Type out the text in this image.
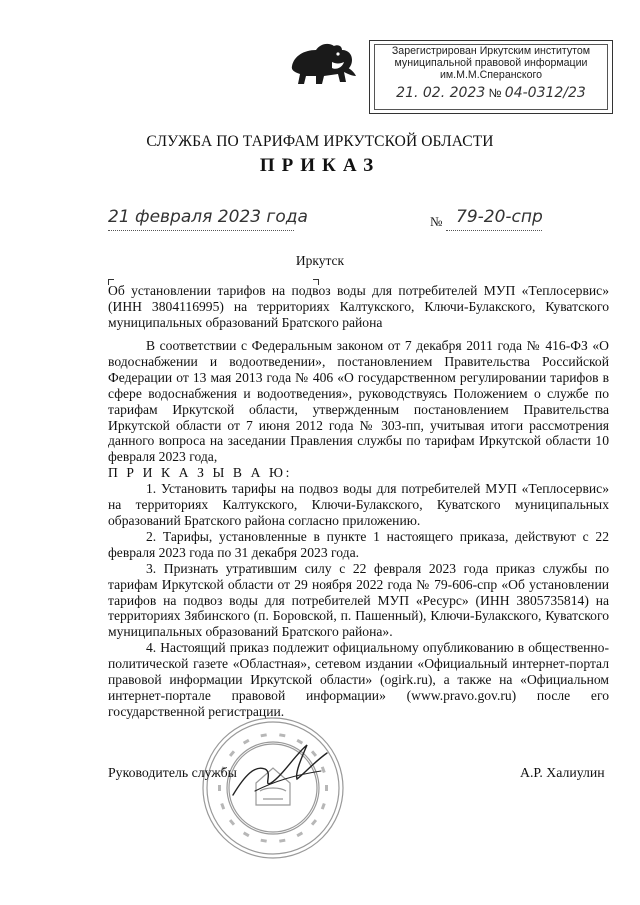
Зарегистрирован Иркутским институтом
муниципальной правовой информации
им.М.М.Сперанского
21. 02. 2023 № 04-0312/23
СЛУЖБА ПО ТАРИФАМ ИРКУТСКОЙ ОБЛАСТИ
ПРИКАЗ
21 февраля 2023 года	№ 79-20-спр
Иркутск
Об установлении тарифов на подвоз воды для потребителей МУП «Теплосервис» (ИНН 3804116995) на территориях Калтукского, Ключи-Булакского, Куватского муниципальных образований Братского района

В соответствии с Федеральным законом от 7 декабря 2011 года № 416-ФЗ «О водоснабжении и водоотведении», постановлением Правительства Российской Федерации от 13 мая 2013 года № 406 «О государственном регулировании тарифов в сфере водоснабжения и водоотведения», руководствуясь Положением о службе по тарифам Иркутской области, утвержденным постановлением Правительства Иркутской области от 7 июня 2012 года № 303-пп, учитывая итоги рассмотрения данного вопроса на заседании Правления службы по тарифам Иркутской области 10 февраля 2023 года,

П Р И К А З Ы В А Ю:

1. Установить тарифы на подвоз воды для потребителей МУП «Теплосервис» на территориях Калтукского, Ключи-Булакского, Куватского муниципальных образований Братского района согласно приложению.

2. Тарифы, установленные в пункте 1 настоящего приказа, действуют с 22 февраля 2023 года по 31 декабря 2023 года.

3. Признать утратившим силу с 22 февраля 2023 года приказ службы по тарифам Иркутской области от 29 ноября 2022 года № 79-606-спр «Об установлении тарифов на подвоз воды для потребителей МУП «Ресурс» (ИНН 3805735814) на территориях Зябинского (п. Боровской, п. Пашенный), Ключи-Булакского, Куватского муниципальных образований Братского района».

4. Настоящий приказ подлежит официальному опубликованию в общественно-политической газете «Областная», сетевом издании «Официальный интернет-портал правовой информации Иркутской области» (ogirk.ru), а также на «Официальном интернет-портале правовой информации» (www.pravo.gov.ru) после его государственной регистрации.

Руководитель службы	А.Р. Халиулин
